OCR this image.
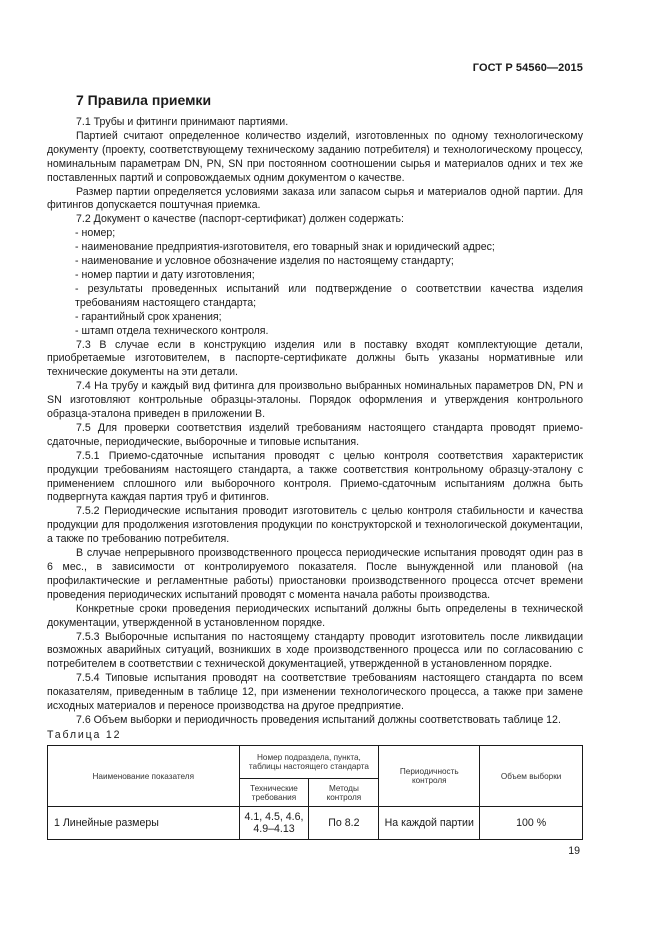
ГОСТ Р 54560—2015
7 Правила приемки

7.1 Трубы и фитинги принимают партиями.

Партией считают определенное количество изделий, изготовленных по одному технологическому документу (проекту, соответствующему техническому заданию потребителя) и технологическому процессу, номинальным параметрам DN, PN, SN при постоянном соотношении сырья и материалов одних и тех же поставленных партий и сопровождаемых одним документом о качестве.

Размер партии определяется условиями заказа или запасом сырья и материалов одной партии. Для фитингов допускается поштучная приемка.

7.2 Документ о качестве (паспорт-сертификат) должен содержать:

- номер;

- наименование предприятия-изготовителя, его товарный знак и юридический адрес;

- наименование и условное обозначение изделия по настоящему стандарту;

- номер партии и дату изготовления;

- результаты проведенных испытаний или подтверждение о соответствии качества изделия требованиям настоящего стандарта;

- гарантийный срок хранения;

- штамп отдела технического контроля.

7.3 В случае если в конструкцию изделия или в поставку входят комплектующие детали, приобретаемые изготовителем, в паспорте-сертификате должны быть указаны нормативные или технические документы на эти детали.

7.4 На трубу и каждый вид фитинга для произвольно выбранных номинальных параметров DN, PN и SN изготовляют контрольные образцы-эталоны. Порядок оформления и утверждения контрольного образца-эталона приведен в приложении В.

7.5 Для проверки соответствия изделий требованиям настоящего стандарта проводят приемо-сдаточные, периодические, выборочные и типовые испытания.

7.5.1 Приемо-сдаточные испытания проводят с целью контроля соответствия характеристик продукции требованиям настоящего стандарта, а также соответствия контрольному образцу-эталону с применением сплошного или выборочного контроля. Приемо-сдаточным испытаниям должна быть подвергнута каждая партия труб и фитингов.

7.5.2 Периодические испытания проводит изготовитель с целью контроля стабильности и качества продукции для продолжения изготовления продукции по конструкторской и технологической документации, а также по требованию потребителя.

В случае непрерывного производственного процесса периодические испытания проводят один раз в 6 мес., в зависимости от контролируемого показателя. После вынужденной или плановой (на профилактические и регламентные работы) приостановки производственного процесса отсчет времени проведения периодических испытаний проводят с момента начала работы производства.

Конкретные сроки проведения периодических испытаний должны быть определены в технической документации, утвержденной в установленном порядке.

7.5.3 Выборочные испытания по настоящему стандарту проводит изготовитель после ликвидации возможных аварийных ситуаций, возникших в ходе производственного процесса или по согласованию с потребителем в соответствии с технической документацией, утвержденной в установленном порядке.

7.5.4 Типовые испытания проводят на соответствие требованиям настоящего стандарта по всем показателям, приведенным в таблице 12, при изменении технологического процесса, а также при замене исходных материалов и переносе производства на другое предприятие.

7.6 Объем выборки и периодичность проведения испытаний должны соответствовать таблице 12.

Таблица 12
Наименование показателя	Номер подраздела, пункта, таблицы настоящего стандарта		Периодичность контроля	Объем выборки
	Технические требования	Методы контроля		
1 Линейные размеры	4.1, 4.5, 4.6, 4.9–4.13	По 8.2	На каждой партии	100 %
19
